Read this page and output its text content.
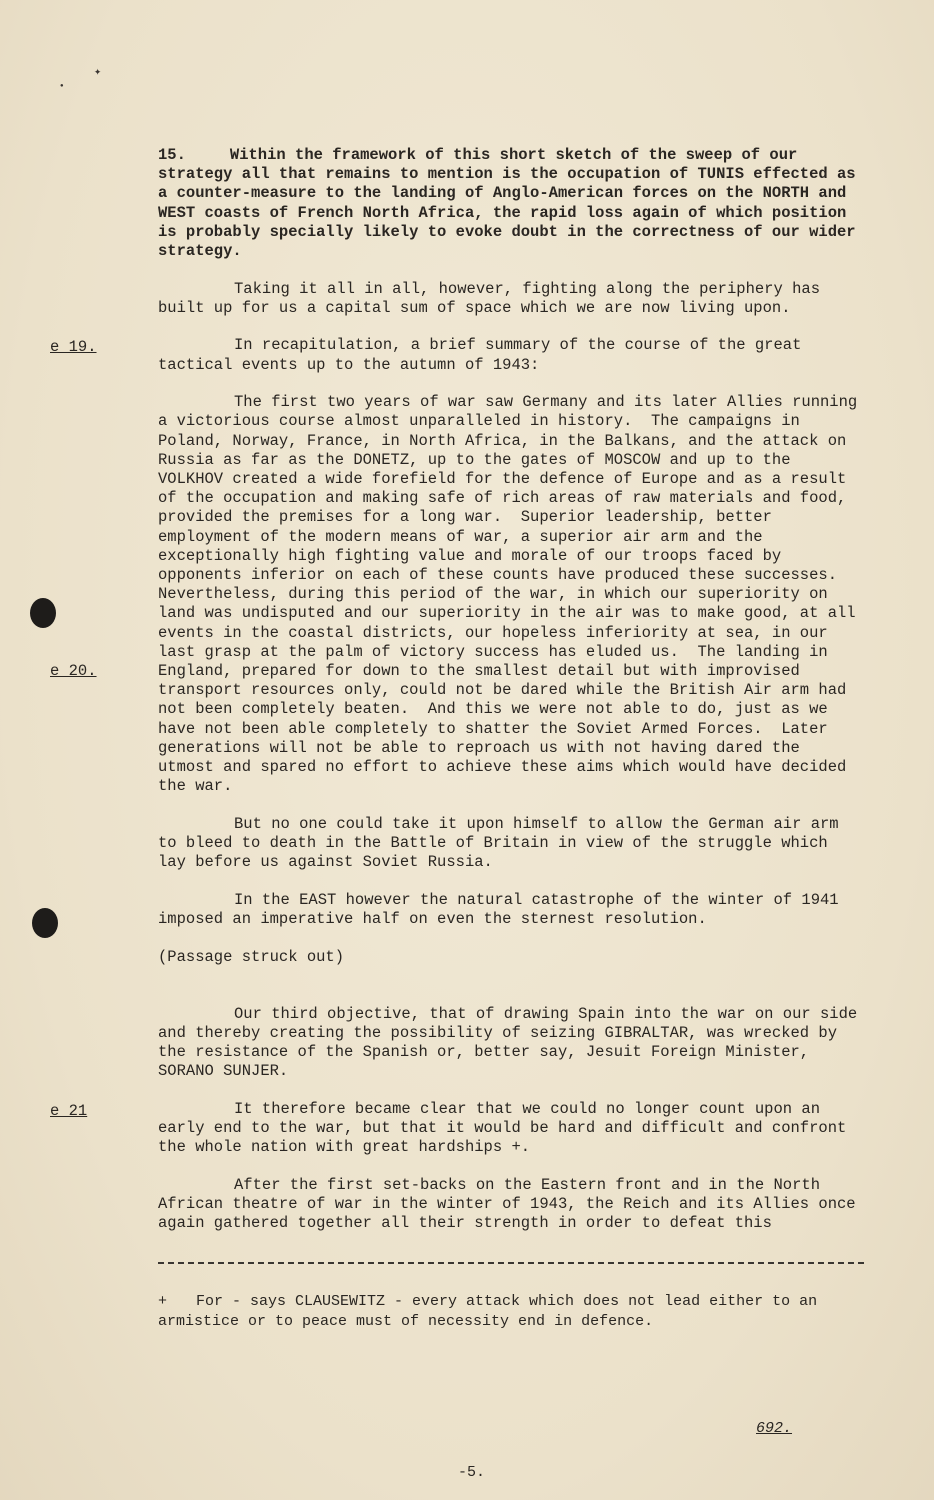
✦
●
e 19.
e 20.
e 21

15.	Within the framework of this short sketch of the sweep of our strategy all that remains to mention is the occupation of TUNIS effected as a counter-measure to the landing of Anglo-American forces on the NORTH and WEST coasts of French North Africa, the rapid loss again of which position is probably specially likely to evoke doubt in the correctness of our wider strategy.

Taking it all in all, however, fighting along the periphery has built up for us a capital sum of space which we are now living upon.

In recapitulation, a brief summary of the course of the great tactical events up to the autumn of 1943:

The first two years of war saw Germany and its later Allies running a victorious course almost unparalleled in history.  The campaigns in Poland, Norway, France, in North Africa, in the Balkans, and the attack on Russia as far as the DONETZ, up to the gates of MOSCOW and up to the VOLKHOV created a wide forefield for the defence of Europe and as a result of the occupation and making safe of rich areas of raw materials and food, provided the premises for a long war.  Superior leadership, better employment of the modern means of war, a superior air arm and the exceptionally high fighting value and morale of our troops faced by opponents inferior on each of these counts have produced these successes.  Nevertheless, during this period of the war, in which our superiority on land was undisputed and our superiority in the air was to make good, at all events in the coastal districts, our hopeless inferiority at sea, in our last grasp at the palm of victory success has eluded us.  The landing in England, prepared for down to the smallest detail but with improvised transport resources only, could not be dared while the British Air arm had not been completely beaten.  And this we were not able to do, just as we have not been able completely to shatter the Soviet Armed Forces.  Later generations will not be able to reproach us with not having dared the utmost and spared no effort to achieve these aims which would have decided the war.

But no one could take it upon himself to allow the German air arm to bleed to death in the Battle of Britain in view of the struggle which lay before us against Soviet Russia.

In the EAST however the natural catastrophe of the winter of 1941 imposed an imperative half on even the sternest resolution.

(Passage struck out)

Our third objective, that of drawing Spain into the war on our side and thereby creating the possibility of seizing GIBRALTAR, was wrecked by the resistance of the Spanish or, better say, Jesuit Foreign Minister, SORANO SUNJER.

It therefore became clear that we could no longer count upon an early end to the war, but that it would be hard and difficult and confront the whole nation with great hardships +.

After the first set-backs on the Eastern front and in the North African theatre of war in the winter of 1943, the Reich and its Allies once again gathered together all their strength in order to defeat this

+ For - says CLAUSEWITZ - every attack which does not lead either to an armistice or to peace must of necessity end in defence.
692.
-5.
